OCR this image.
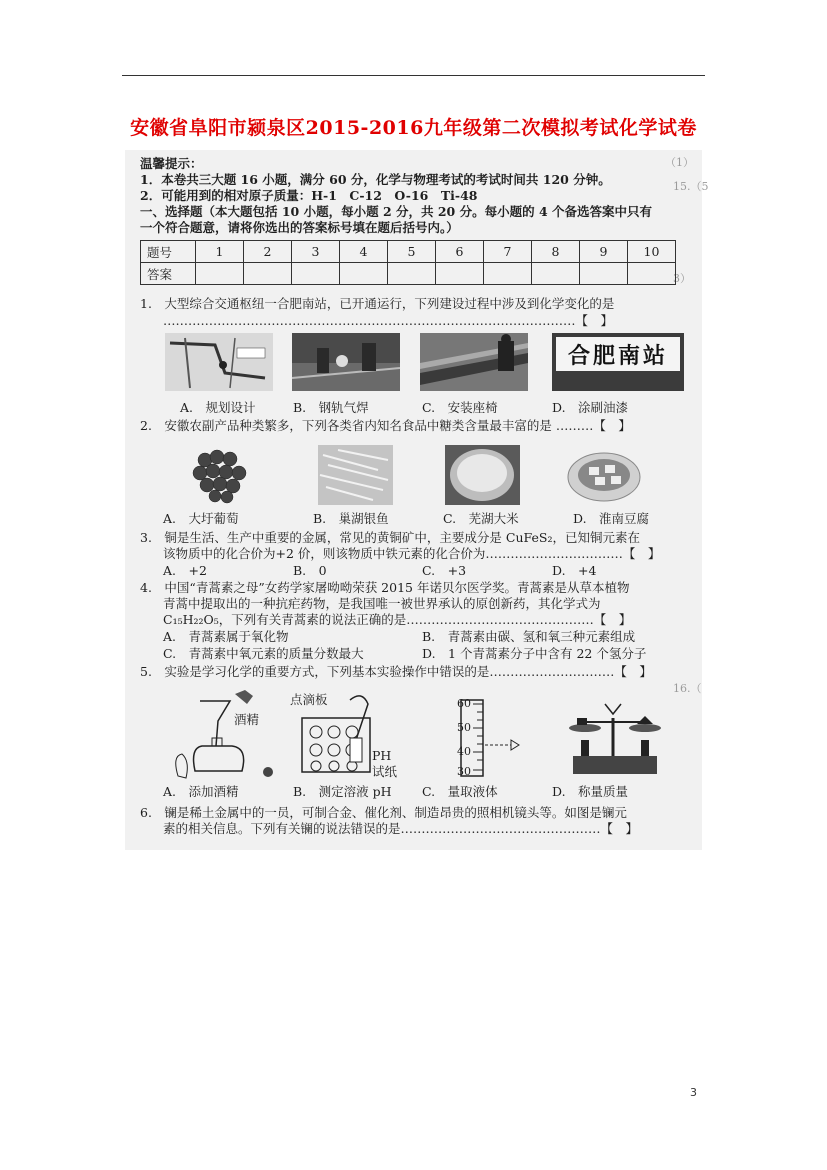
安徽省阜阳市颍泉区2015-2016九年级第二次模拟考试化学试卷
（1）
15.（5
3）
16.（
温馨提示：
1．本卷共三大题 16 小题，满分 60 分，化学与物理考试的考试时间共 120 分钟。
2．可能用到的相对原子质量：H-1　C-12　O-16　Ti-48
一、选择题（本大题包括 10 小题，每小题 2 分，共 20 分。每小题的 4 个备选答案中只有
一个符合题意，请将你选出的答案标号填在题后括号内。）
题号	1	2	3	4	5	6	7	8	9	10
答案										
1.　大型综合交通枢纽一合肥南站，已开通运行，下列建设过程中涉及到化学变化的是
………………………………………………………………………………………【　】
合肥南站
A.　规划设计	B.　钢轨气焊	C.　安装座椅	D.　涂刷油漆
2.　安徽农副产品种类繁多，下列各类省内知名食品中糖类含量最丰富的是 ………【　】
A.　大圩葡萄	B.　巢湖银鱼	C.　芜湖大米	D.　淮南豆腐
3.　铜是生活、生产中重要的金属，常见的黄铜矿中，主要成分是 CuFeS₂，已知铜元素在
该物质中的化合价为+2 价，则该物质中铁元素的化合价为……………………………【　】
A.　+2	B.　0	C.　+3	D.　+4
4.　中国“青蒿素之母”女药学家屠呦呦荣获 2015 年诺贝尔医学奖。青蒿素是从草本植物
青蒿中提取出的一种抗疟药物，是我国唯一被世界承认的原创新药，其化学式为
C₁₅H₂₂O₅，下列有关青蒿素的说法正确的是………………………………………【　】
A.　青蒿素属于氧化物	B.　青蒿素由碳、氢和氧三种元素组成
C.　青蒿素中氧元素的质量分数最大	D.　1 个青蒿素分子中含有 22 个氢分子
5.　实验是学习化学的重要方式，下列基本实验操作中错误的是…………………………【　】
酒精
点滴板
PH
试纸
60
50
40
30
A.　添加酒精	B.　测定溶液 pH C.　量取液体	D.　称量质量
6.　镧是稀土金属中的一员，可制合金、催化剂、制造昂贵的照相机镜头等。如图是镧元
素的相关信息。下列有关镧的说法错误的是…………………………………………【　】
3
